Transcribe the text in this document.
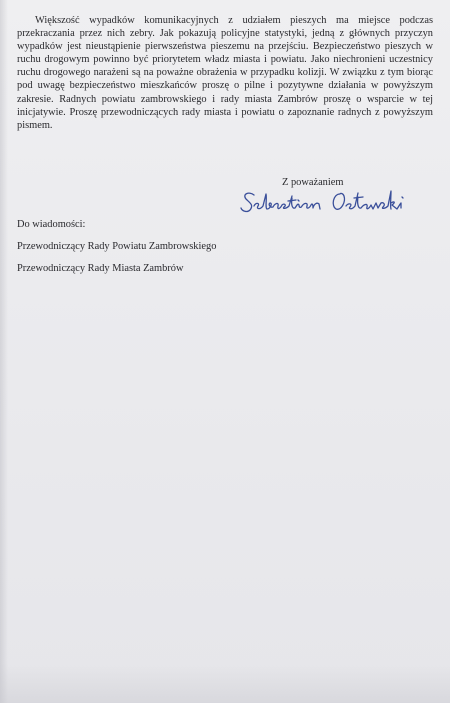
Większość wypadków komunikacyjnych z udziałem pieszych ma miejsce podczas przekraczania przez nich zebry. Jak pokazują policyjne statystyki, jedną z głównych przyczyn wypadków jest nieustąpienie pierwszeństwa pieszemu na przejściu. Bezpieczeństwo pieszych w ruchu drogowym powinno być priorytetem władz miasta i powiatu. Jako niechronieni uczestnicy ruchu drogowego narażeni są na poważne obrażenia w przypadku kolizji. W związku z tym biorąc pod uwagę bezpieczeństwo mieszkańców proszę o pilne i pozytywne działania w powyższym zakresie. Radnych powiatu zambrowskiego i rady miasta Zambrów proszę o wsparcie w tej inicjatywie. Proszę przewodniczących rady miasta i powiatu o zapoznanie radnych z powyższym pismem.

Z poważaniem

Do wiadomości:

Przewodniczący Rady Powiatu Zambrowskiego

Przewodniczący Rady Miasta Zambrów
